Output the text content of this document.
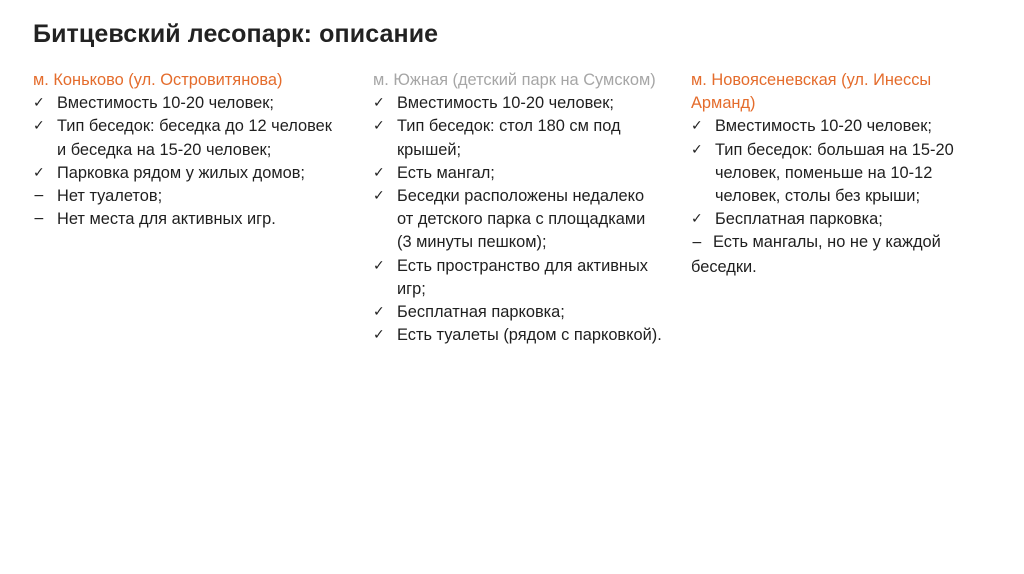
Битцевский лесопарк: описание
м. Коньково (ул. Островитянова)
✓ Вместимость 10-20 человек;
✓ Тип беседок: беседка до 12 человек и беседка на 15-20 человек;
✓ Парковка рядом у жилых домов;
− Нет туалетов;
− Нет места для активных игр.
м. Южная (детский парк на Сумском)
✓ Вместимость 10-20 человек;
✓ Тип беседок: стол 180 см под крышей;
✓ Есть мангал;
✓ Беседки расположены недалеко от детского парка с площадками (3 минуты пешком);
✓ Есть пространство для активных игр;
✓ Бесплатная парковка;
✓ Есть туалеты (рядом с парковкой).
м. Новоясеневская (ул. Инессы Арманд)
✓ Вместимость 10-20 человек;
✓ Тип беседок: большая на 15-20 человек, поменьше на 10-12 человек, столы без крыши;
✓ Бесплатная парковка;
− Есть мангалы, но не у каждой беседки.
